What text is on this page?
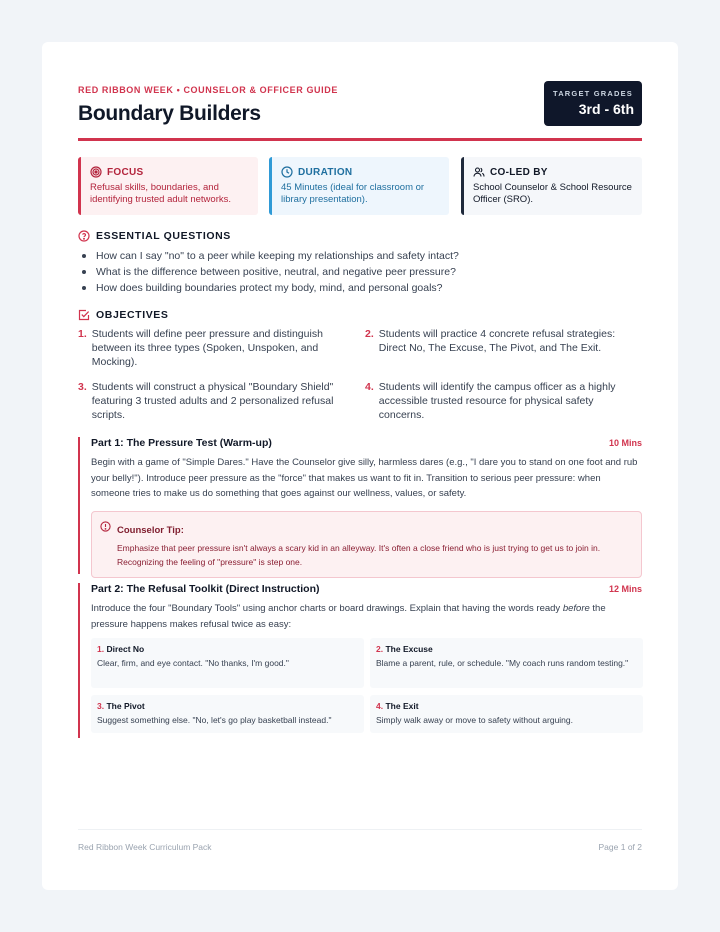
RED RIBBON WEEK • COUNSELOR & OFFICER GUIDE
Boundary Builders
TARGET GRADES
3rd - 6th
FOCUS
Refusal skills, boundaries, and identifying trusted adult networks.
DURATION
45 Minutes (ideal for classroom or library presentation).
CO-LED BY
School Counselor & School Resource Officer (SRO).
ESSENTIAL QUESTIONS
How can I say "no" to a peer while keeping my relationships and safety intact?
What is the difference between positive, neutral, and negative peer pressure?
How does building boundaries protect my body, mind, and personal goals?
OBJECTIVES
1. Students will define peer pressure and distinguish between its three types (Spoken, Unspoken, and Mocking).
2. Students will practice 4 concrete refusal strategies: Direct No, The Excuse, The Pivot, and The Exit.
3. Students will construct a physical "Boundary Shield" featuring 3 trusted adults and 2 personalized refusal scripts.
4. Students will identify the campus officer as a highly accessible trusted resource for physical safety concerns.
Part 1: The Pressure Test (Warm-up)	10 Mins
Begin with a game of "Simple Dares." Have the Counselor give silly, harmless dares (e.g., "I dare you to stand on one foot and rub your belly!"). Introduce peer pressure as the "force" that makes us want to fit in. Transition to serious peer pressure: when someone tries to make us do something that goes against our wellness, values, or safety.
Counselor Tip:
Emphasize that peer pressure isn't always a scary kid in an alleyway. It's often a close friend who is just trying to get us to join in. Recognizing the feeling of "pressure" is step one.
Part 2: The Refusal Toolkit (Direct Instruction)	12 Mins
Introduce the four "Boundary Tools" using anchor charts or board drawings. Explain that having the words ready before the pressure happens makes refusal twice as easy:
1. Direct No
Clear, firm, and eye contact. "No thanks, I'm good."
2. The Excuse
Blame a parent, rule, or schedule. "My coach runs random testing."
3. The Pivot
Suggest something else. "No, let's go play basketball instead."
4. The Exit
Simply walk away or move to safety without arguing.
Red Ribbon Week Curriculum Pack	Page 1 of 2
